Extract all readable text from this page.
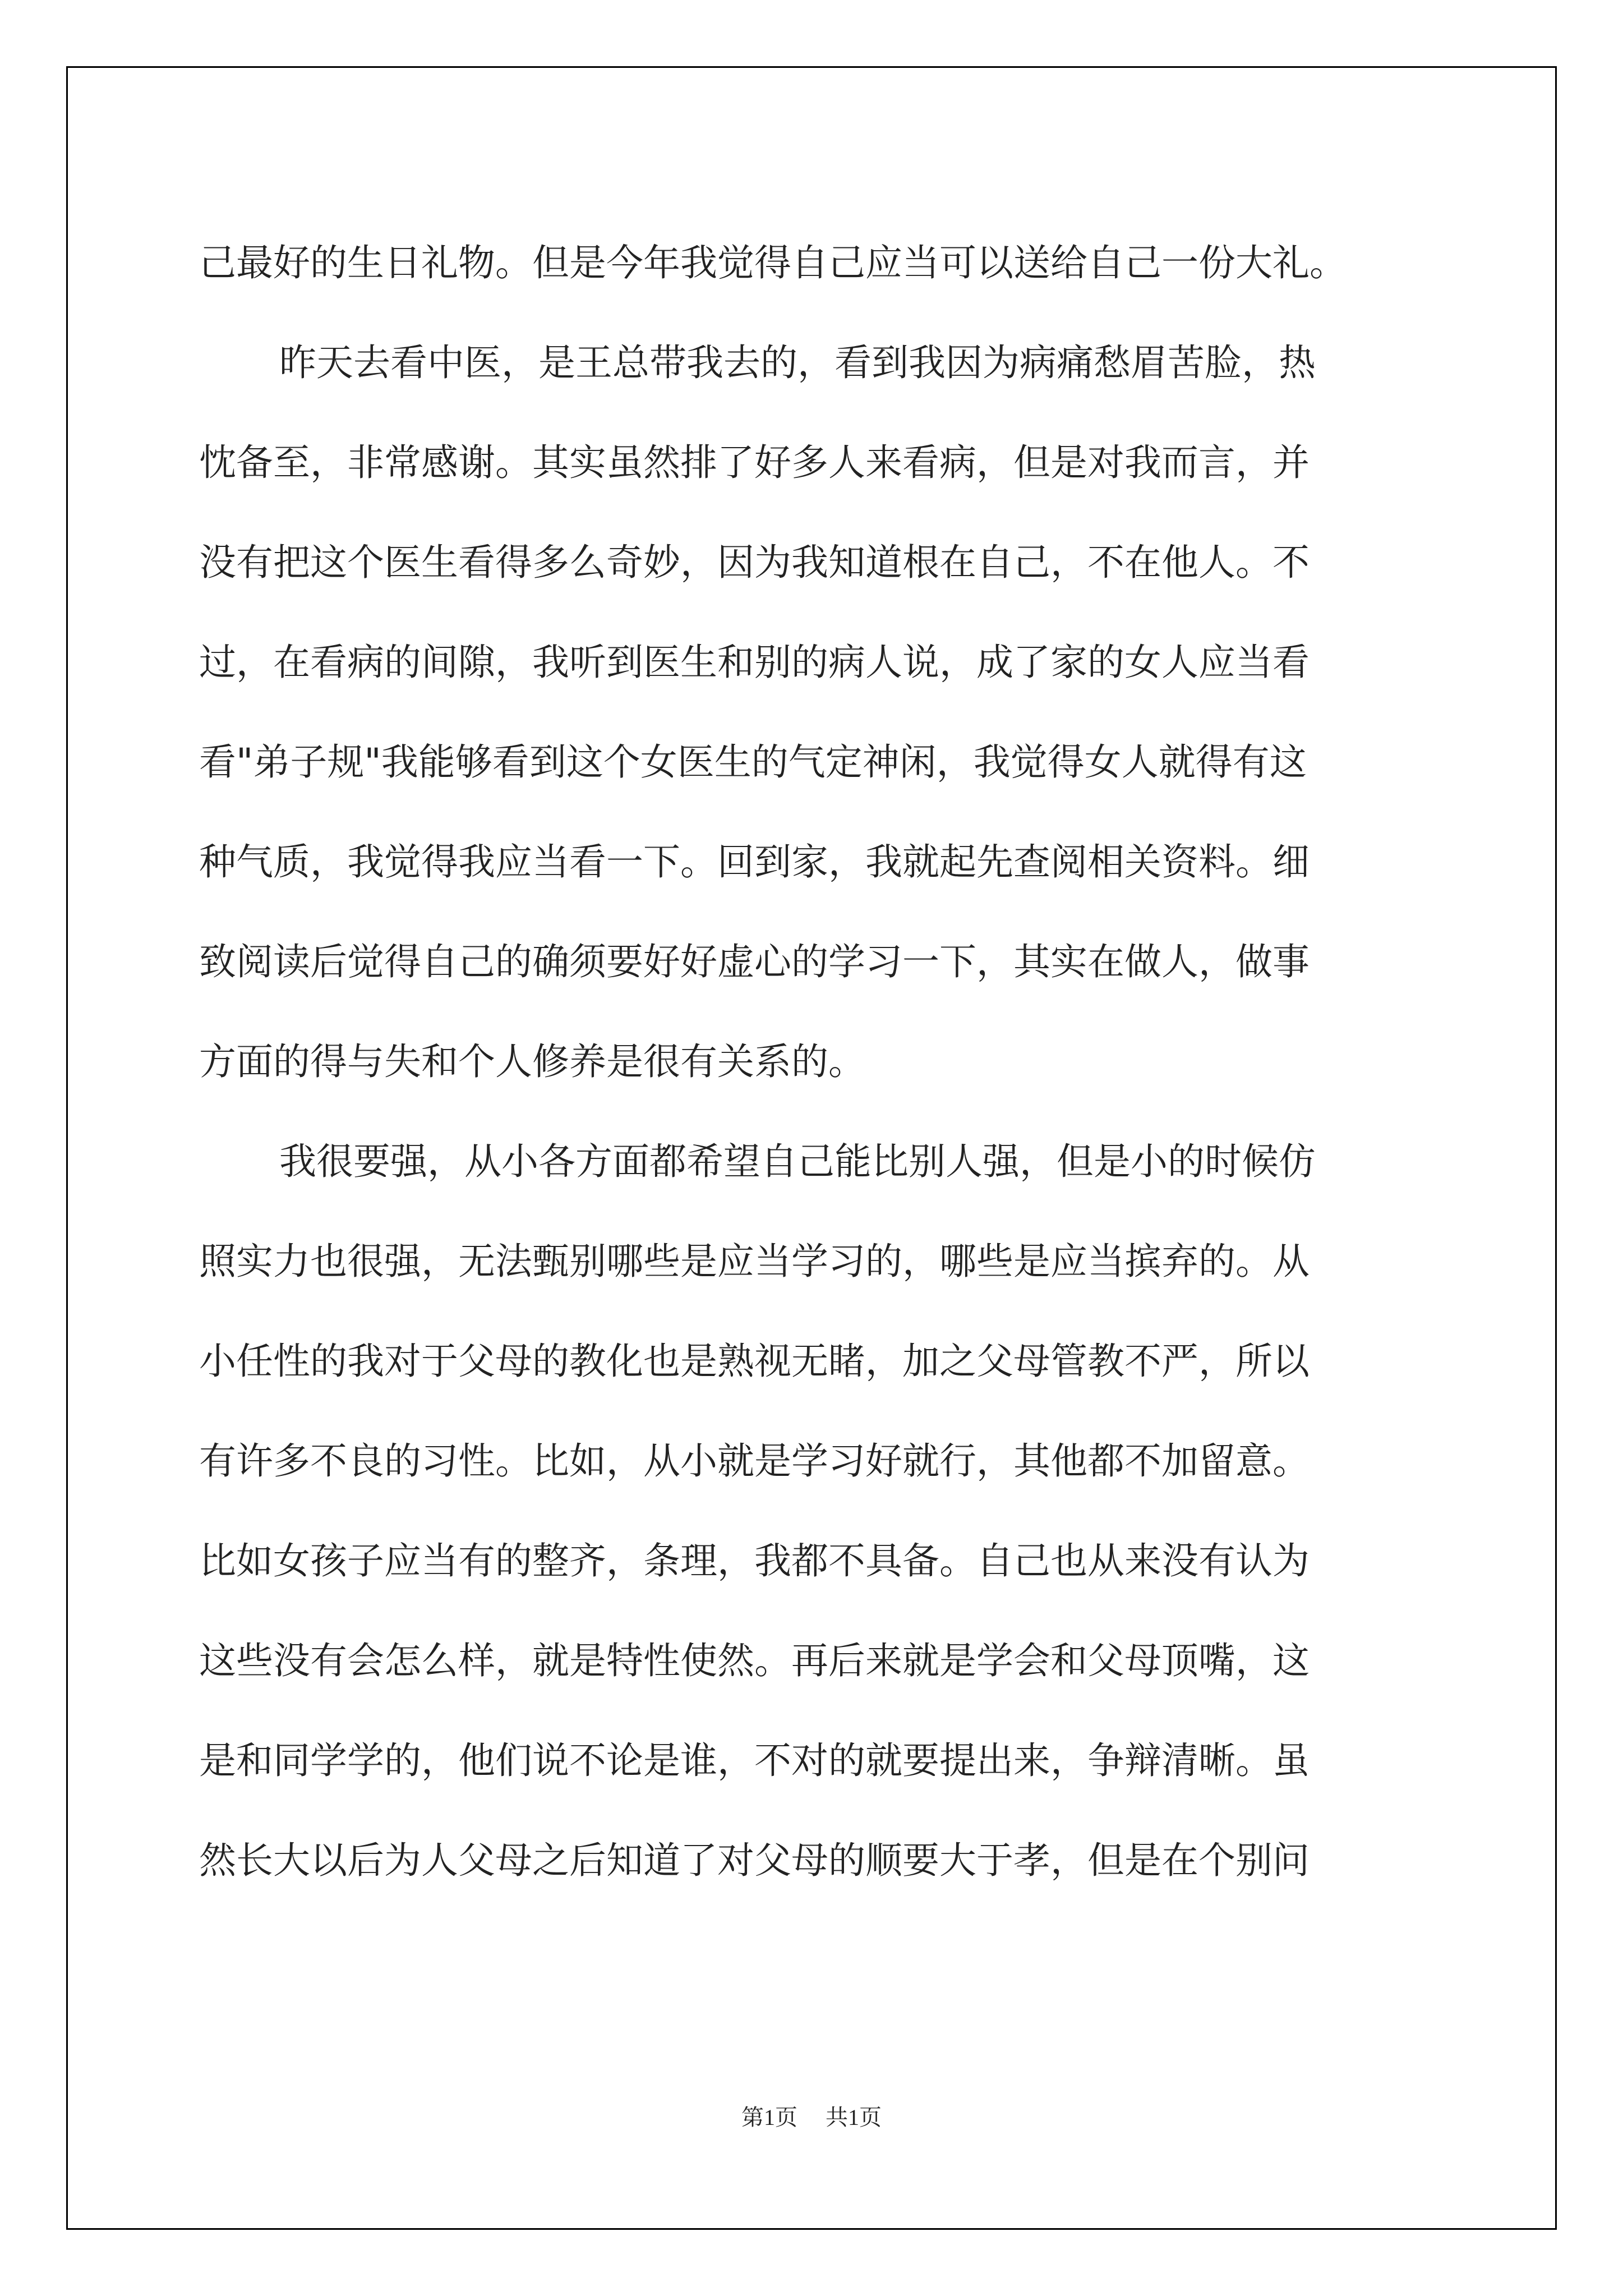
己最好的生日礼物。但是今年我觉得自己应当可以送给自己一份大礼。
昨天去看中医，是王总带我去的，看到我因为病痛愁眉苦脸，热
忱备至，非常感谢。其实虽然排了好多人来看病，但是对我而言，并
没有把这个医生看得多么奇妙，因为我知道根在自己，不在他人。不
过，在看病的间隙，我听到医生和别的病人说，成了家的女人应当看
看"弟子规"我能够看到这个女医生的气定神闲，我觉得女人就得有这
种气质，我觉得我应当看一下。回到家，我就起先查阅相关资料。细
致阅读后觉得自己的确须要好好虚心的学习一下，其实在做人，做事
方面的得与失和个人修养是很有关系的。
我很要强，从小各方面都希望自己能比别人强，但是小的时候仿
照实力也很强，无法甄别哪些是应当学习的，哪些是应当摈弃的。从
小任性的我对于父母的教化也是熟视无睹，加之父母管教不严，所以
有许多不良的习性。比如，从小就是学习好就行，其他都不加留意。
比如女孩子应当有的整齐，条理，我都不具备。自己也从来没有认为
这些没有会怎么样，就是特性使然。再后来就是学会和父母顶嘴，这
是和同学学的，他们说不论是谁，不对的就要提出来，争辩清晰。虽
然长大以后为人父母之后知道了对父母的顺要大于孝，但是在个别问
第1页 共1页
